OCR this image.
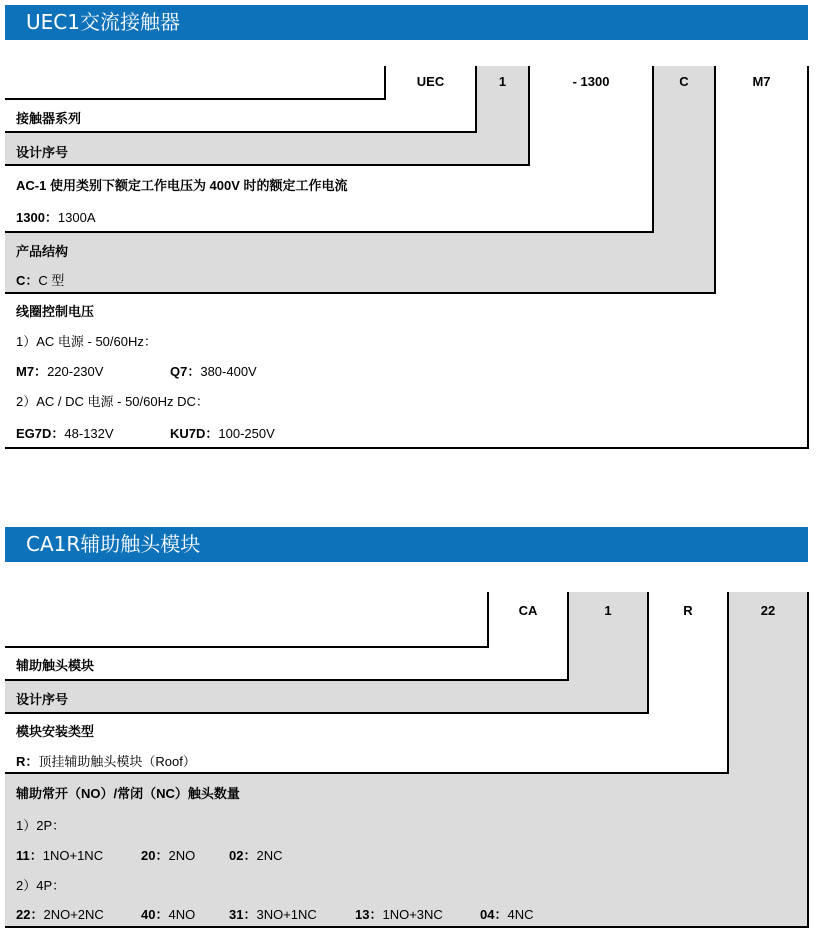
UEC1交流接触器
UEC	1	- 1300	C	M7
接触器系列
设计序号
AC-1 使用类别下额定工作电压为 400V 时的额定工作电流
1300：1300A
产品结构
C：C 型
线圈控制电压
1）AC 电源 - 50/60Hz：
M7：220-230V	Q7：380-400V
2）AC / DC 电源 - 50/60Hz DC：
EG7D：48-132V	KU7D：100-250V
CA1R辅助触头模块
CA	1	R	22
辅助触头模块
设计序号
模块安装类型
R：顶挂辅助触头模块（Roof）
辅助常开（NO）/常闭（NC）触头数量
1）2P：
11：1NO+1NC	20：2NO	02：2NC
2）4P：
22：2NO+2NC	40：4NO	31：3NO+1NC	13：1NO+3NC	04：4NC
